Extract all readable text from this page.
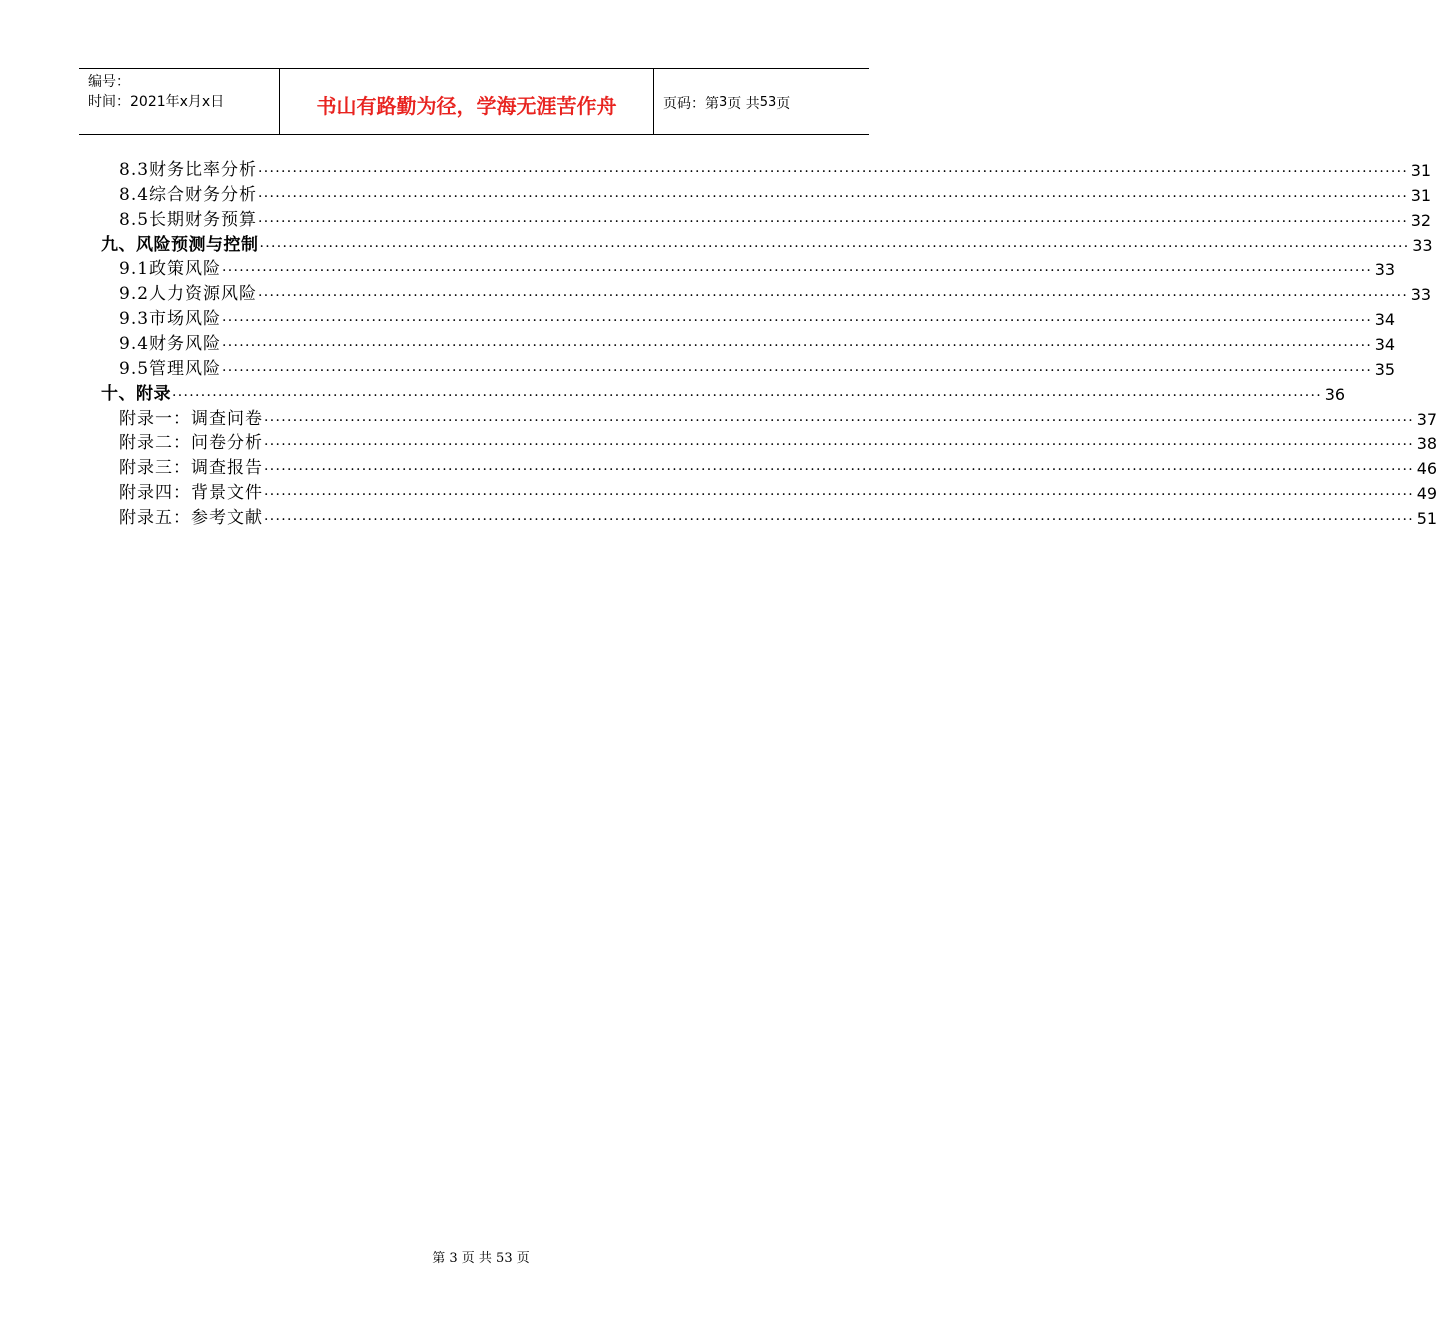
编号：
时间：2021年x月x日	书山有路勤为径，学海无涯苦作舟	页码：第 3 页 共 53 页
8.3财务比率分析 ········································································································································································································ 31
8.4综合财务分析 ········································································································································································································ 31
8.5长期财务预算 ········································································································································································································ 32
九、风险预测与控制 ········································································································································································································ 33
9.1政策风险 ········································································································································································································ 33
9.2人力资源风险 ········································································································································································································ 33
9.3市场风险 ········································································································································································································ 34
9.4财务风险 ········································································································································································································ 34
9.5管理风险 ········································································································································································································ 35
十、附录 ········································································································································································································ 36
附录一：调查问卷 ········································································································································································································ 37
附录二：问卷分析 ········································································································································································································ 38
附录三：调查报告 ········································································································································································································ 46
附录四：背景文件 ········································································································································································································ 49
附录五：参考文献 ········································································································································································································ 51
第 3 页 共 53 页
